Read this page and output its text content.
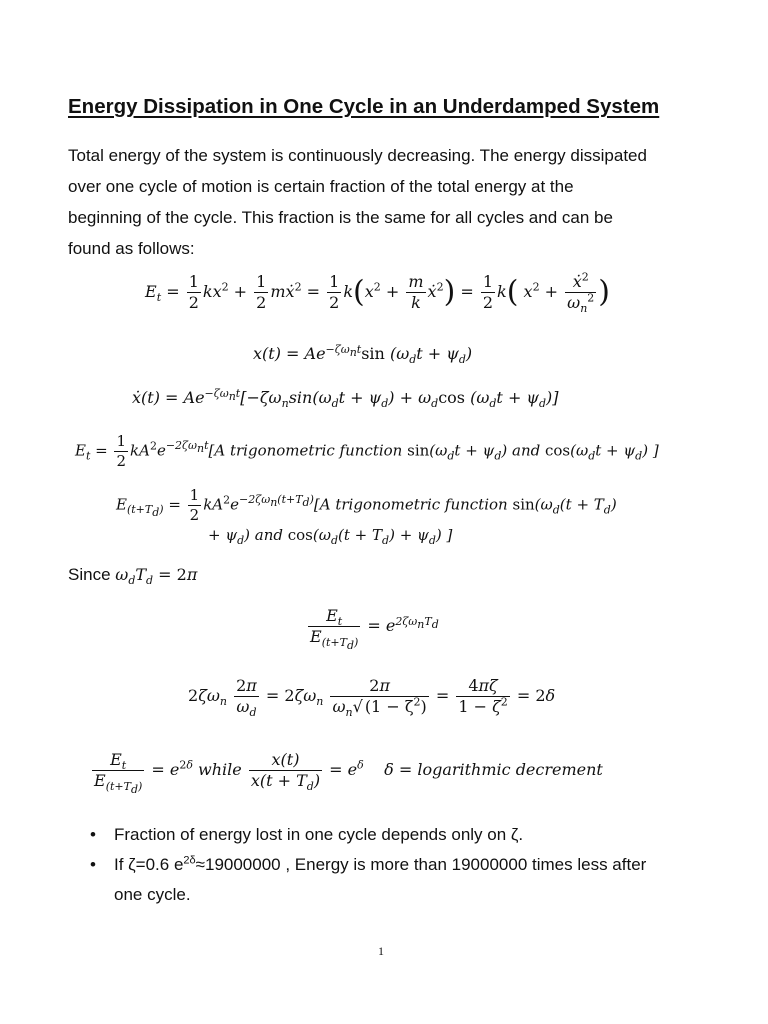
Energy Dissipation in One Cycle in an Underdamped System
Total energy of the system is continuously decreasing. The energy dissipated
over one cycle of motion is certain fraction of the total energy at the
beginning of the cycle. This fraction is the same for all cycles and can be
found as follows:
$E_t = \frac{1}{2} kx^2 + \frac{1}{2}$ mẋ$^2$ = $\frac{1}{2} k(x^2 + \frac{m}{k}$ ẋ$^2$) = $\frac{1}{2} k$( $x^2 + \frac{ẋ^2}{\omega_n^2}$ )
$x(t) = Ae^{-\zeta\omega_nt}\sin$ $(\omega_dt + \psi_d)$
ẋ(t) = $Ae^{-\zeta\omega_nt}[-\zeta\omega_n\sin(\omega_dt + \psi_d) + \omega_d\cos$ $(\omega_dt + \psi_d)$]
$E_t = \frac{1}{2} kA^2e^{-2\zeta\omega_nt}[A$ trigonometric function $\sin(\omega_dt + \psi_d)$ and $\cos(\omega_dt + \psi_d)$ ]
$E_{(t+T_d)} = \frac{1}{2} kA^2e^{-2\zeta\omega_n(t+T_d)}[A$ trigonometric function $\sin(\omega_d(t + T_d)$
+ $\psi_d$) and $\cos(\omega_d(t + T_d) + \psi_d)$ ]
Since $\omega_dT_d = 2\pi$
$\frac{E_t}{E_{(t+T_d)}} = e^{2\zeta\omega_nT_d}$
$2\zeta\omega_n \frac{2\pi}{\omega_d} = 2\zeta\omega_n \frac{2\pi}{\omega_n√ (1 - \zeta^2)} = \frac{4\pi\zeta}{1 - \zeta^2} = 2\delta$
$\frac{E_t}{E_{(t+T_d)}} = e^{2\delta}$ while $\frac{x(t)}{x(t + T_d)} = e^\delta$    δ = logarithmic decrement
• Fraction of energy lost in one cycle depends only on ζ.
• If ζ=0.6 $e^{2\delta}\approx 19000000$ , Energy is more than 19000000 times less after
one cycle.
1
